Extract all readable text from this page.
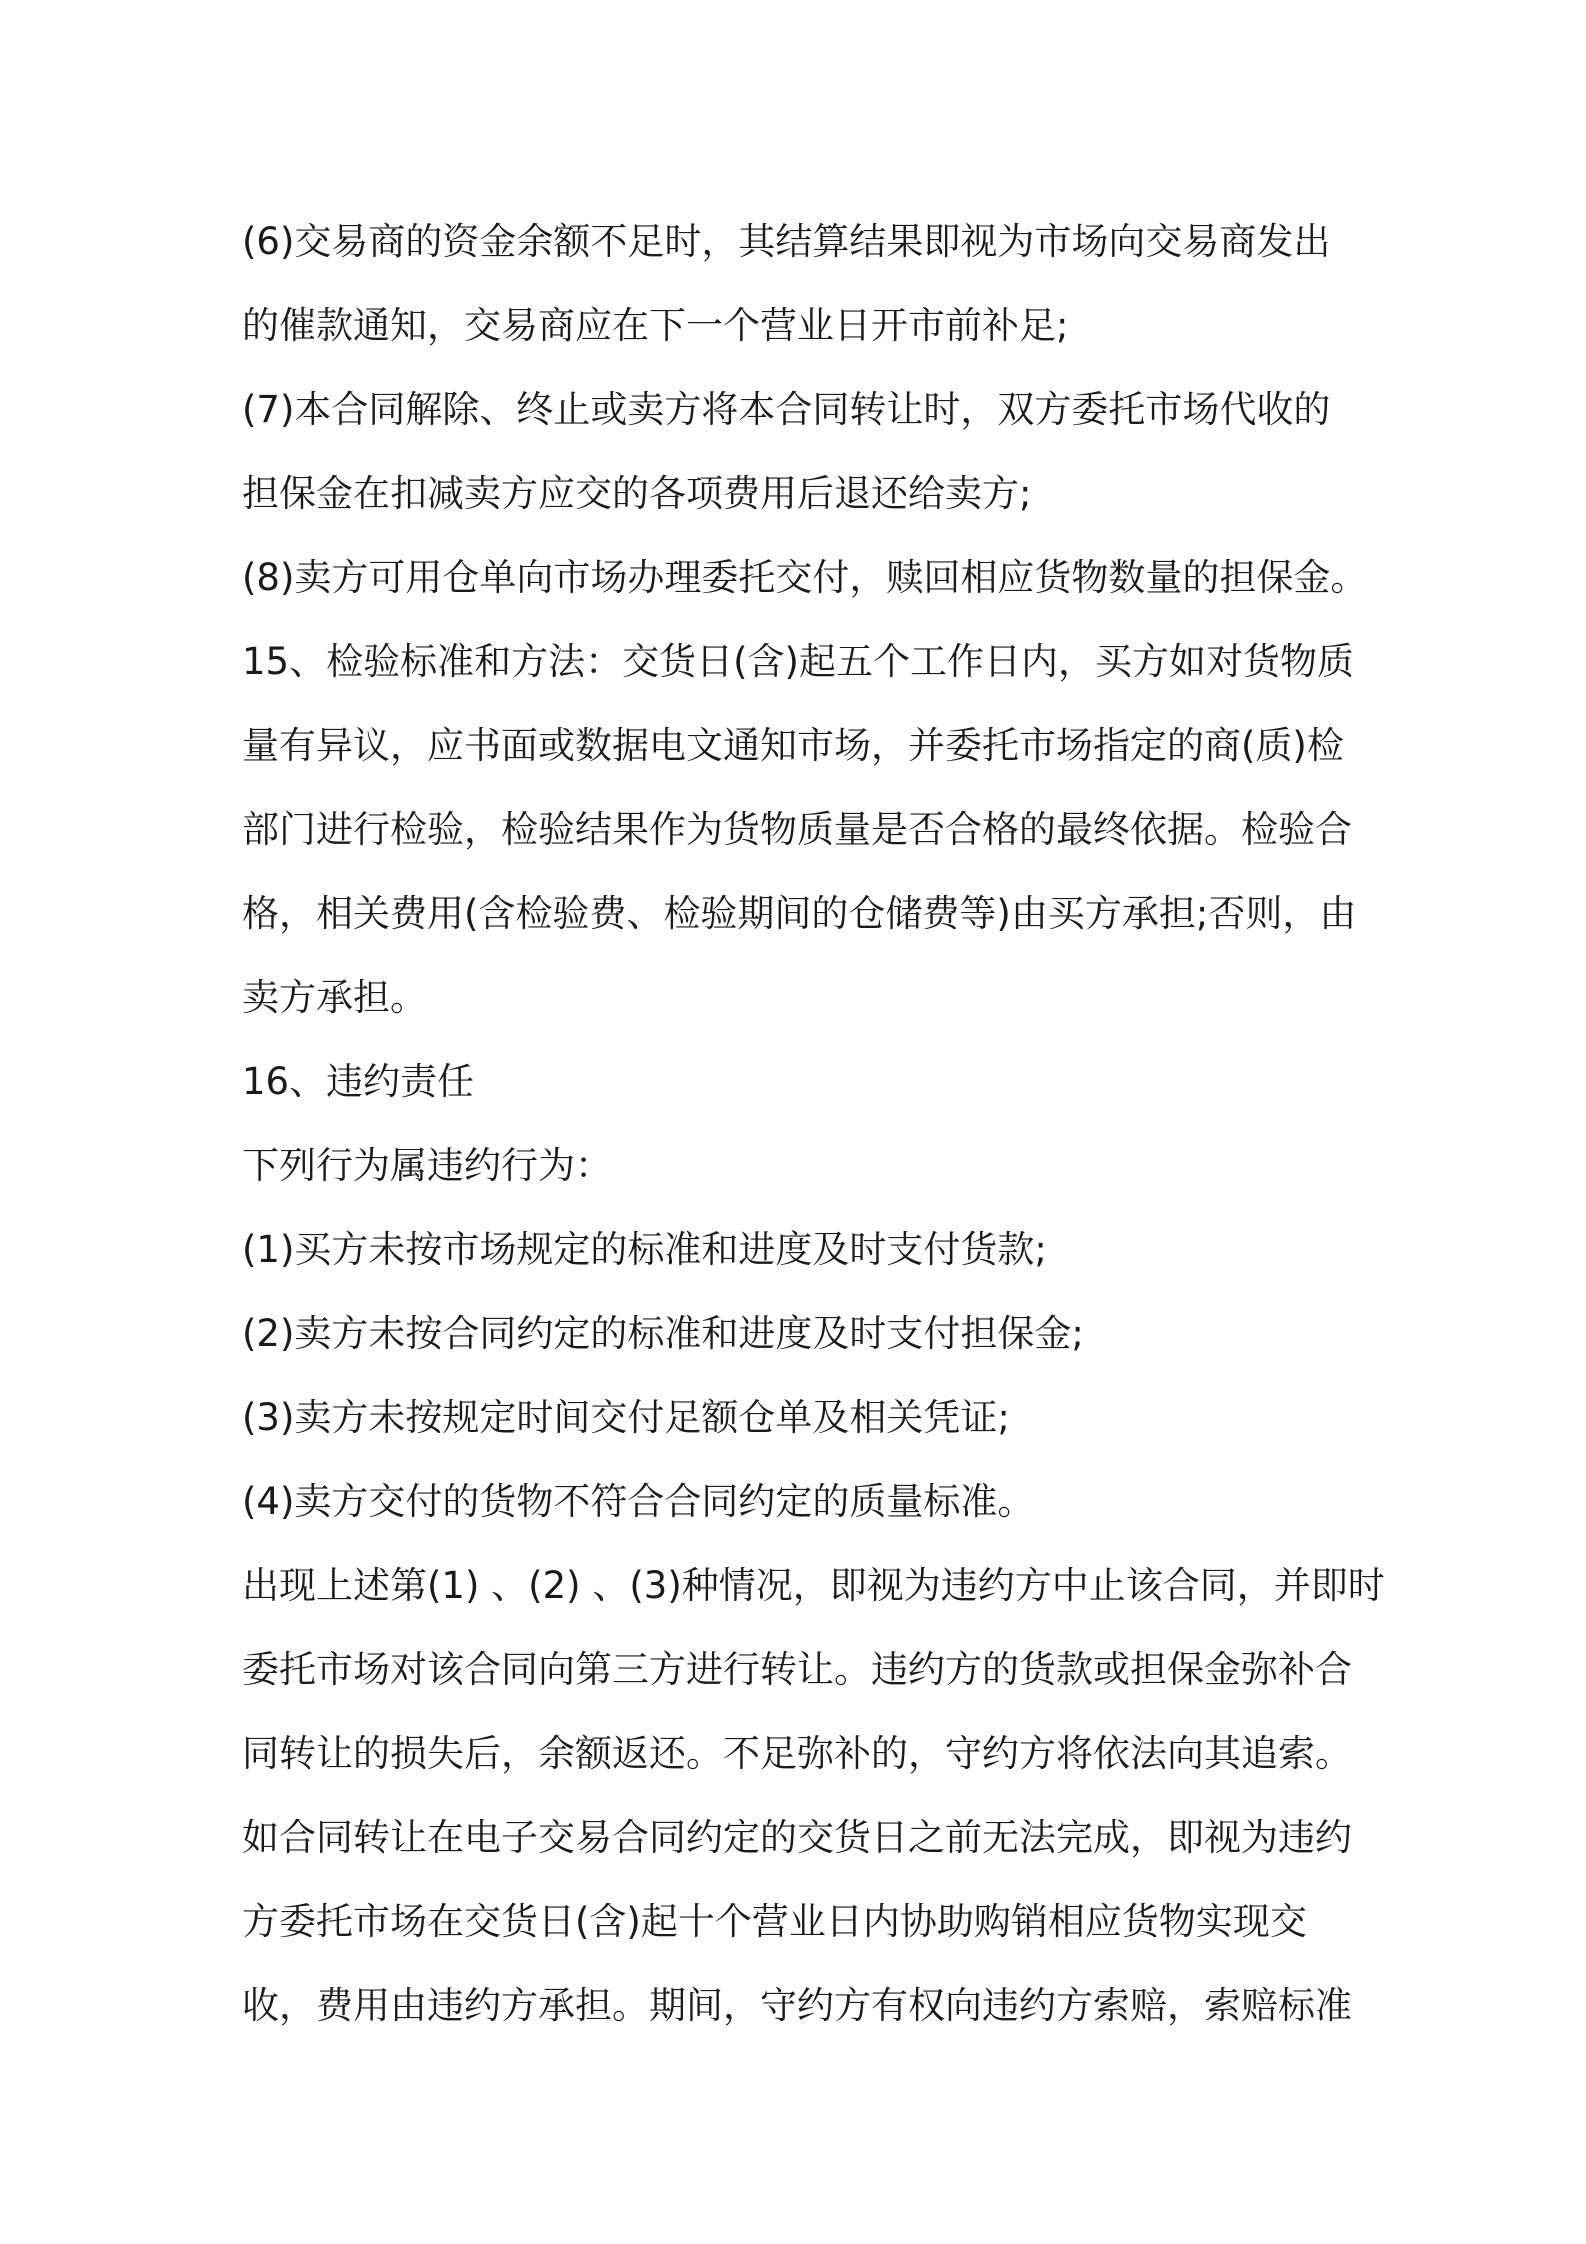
(6)交易商的资金余额不足时，其结算结果即视为市场向交易商发出
的催款通知，交易商应在下一个营业日开市前补足;
(7)本合同解除、终止或卖方将本合同转让时，双方委托市场代收的
担保金在扣减卖方应交的各项费用后退还给卖方;
(8)卖方可用仓单向市场办理委托交付，赎回相应货物数量的担保金。
15、检验标准和方法：交货日(含)起五个工作日内，买方如对货物质
量有异议，应书面或数据电文通知市场，并委托市场指定的商(质)检
部门进行检验，检验结果作为货物质量是否合格的最终依据。检验合
格，相关费用(含检验费、检验期间的仓储费等)由买方承担;否则，由
卖方承担。
16、违约责任
下列行为属违约行为：
(1)买方未按市场规定的标准和进度及时支付货款;
(2)卖方未按合同约定的标准和进度及时支付担保金;
(3)卖方未按规定时间交付足额仓单及相关凭证;
(4)卖方交付的货物不符合合同约定的质量标准。
出现上述第(1) 、(2) 、(3)种情况，即视为违约方中止该合同，并即时
委托市场对该合同向第三方进行转让。违约方的货款或担保金弥补合
同转让的损失后，余额返还。不足弥补的，守约方将依法向其追索。
如合同转让在电子交易合同约定的交货日之前无法完成，即视为违约
方委托市场在交货日(含)起十个营业日内协助购销相应货物实现交
收，费用由违约方承担。期间，守约方有权向违约方索赔，索赔标准
